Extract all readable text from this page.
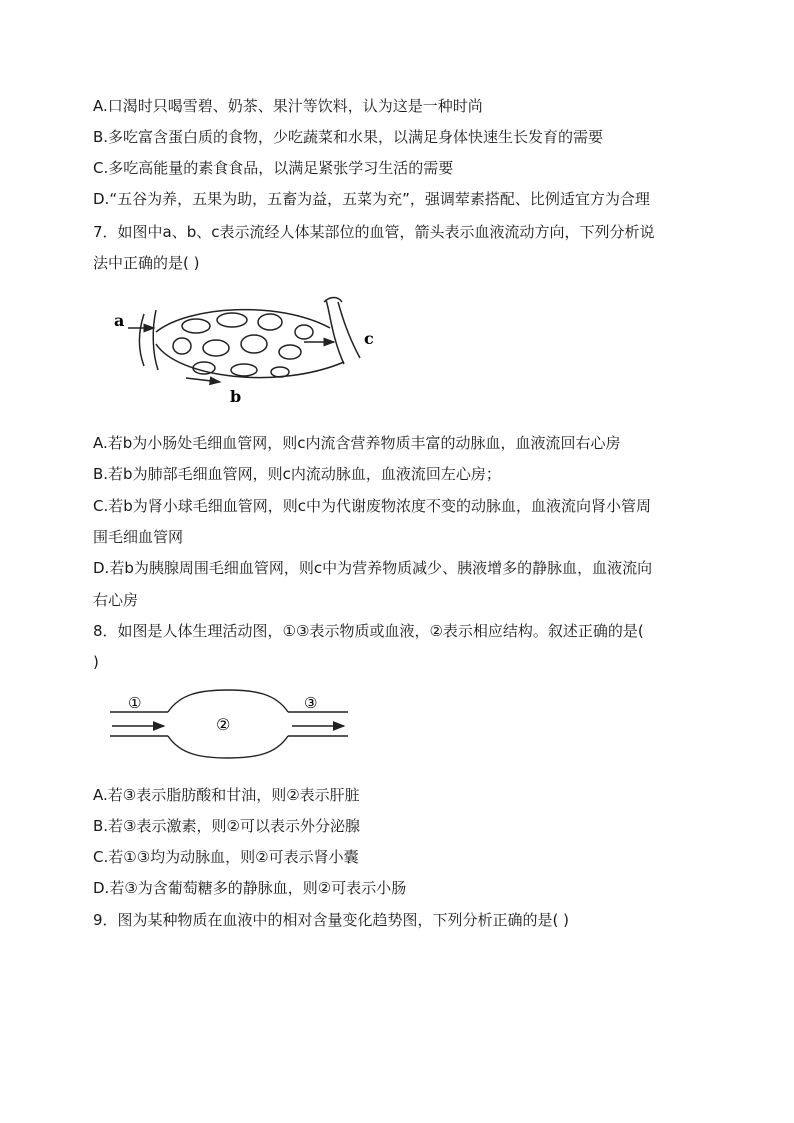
A.口渴时只喝雪碧、奶茶、果汁等饮料，认为这是一种时尚
B.多吃富含蛋白质的食物，少吃蔬菜和水果，以满足身体快速生长发育的需要
C.多吃高能量的素食食品，以满足紧张学习生活的需要
D.“五谷为养，五果为助，五畜为益，五菜为充”，强调荤素搭配、比例适宜方为合理
7．如图中a、b、c表示流经人体某部位的血管，箭头表示血液流动方向，下列分析说
法中正确的是( )
a
c
b
A.若b为小肠处毛细血管网，则c内流含营养物质丰富的动脉血，血液流回右心房
B.若b为肺部毛细血管网，则c内流动脉血，血液流回左心房；
C.若b为肾小球毛细血管网，则c中为代谢废物浓度不变的动脉血，血液流向肾小管周
围毛细血管网
D.若b为胰腺周围毛细血管网，则c中为营养物质减少、胰液增多的静脉血，血液流向
右心房
8．如图是人体生理活动图，①③表示物质或血液，②表示相应结构。叙述正确的是(
)
①
②
③
A.若③表示脂肪酸和甘油，则②表示肝脏
B.若③表示激素，则②可以表示外分泌腺
C.若①③均为动脉血，则②可表示肾小囊
D.若③为含葡萄糖多的静脉血，则②可表示小肠
9．图为某种物质在血液中的相对含量变化趋势图，下列分析正确的是( )
